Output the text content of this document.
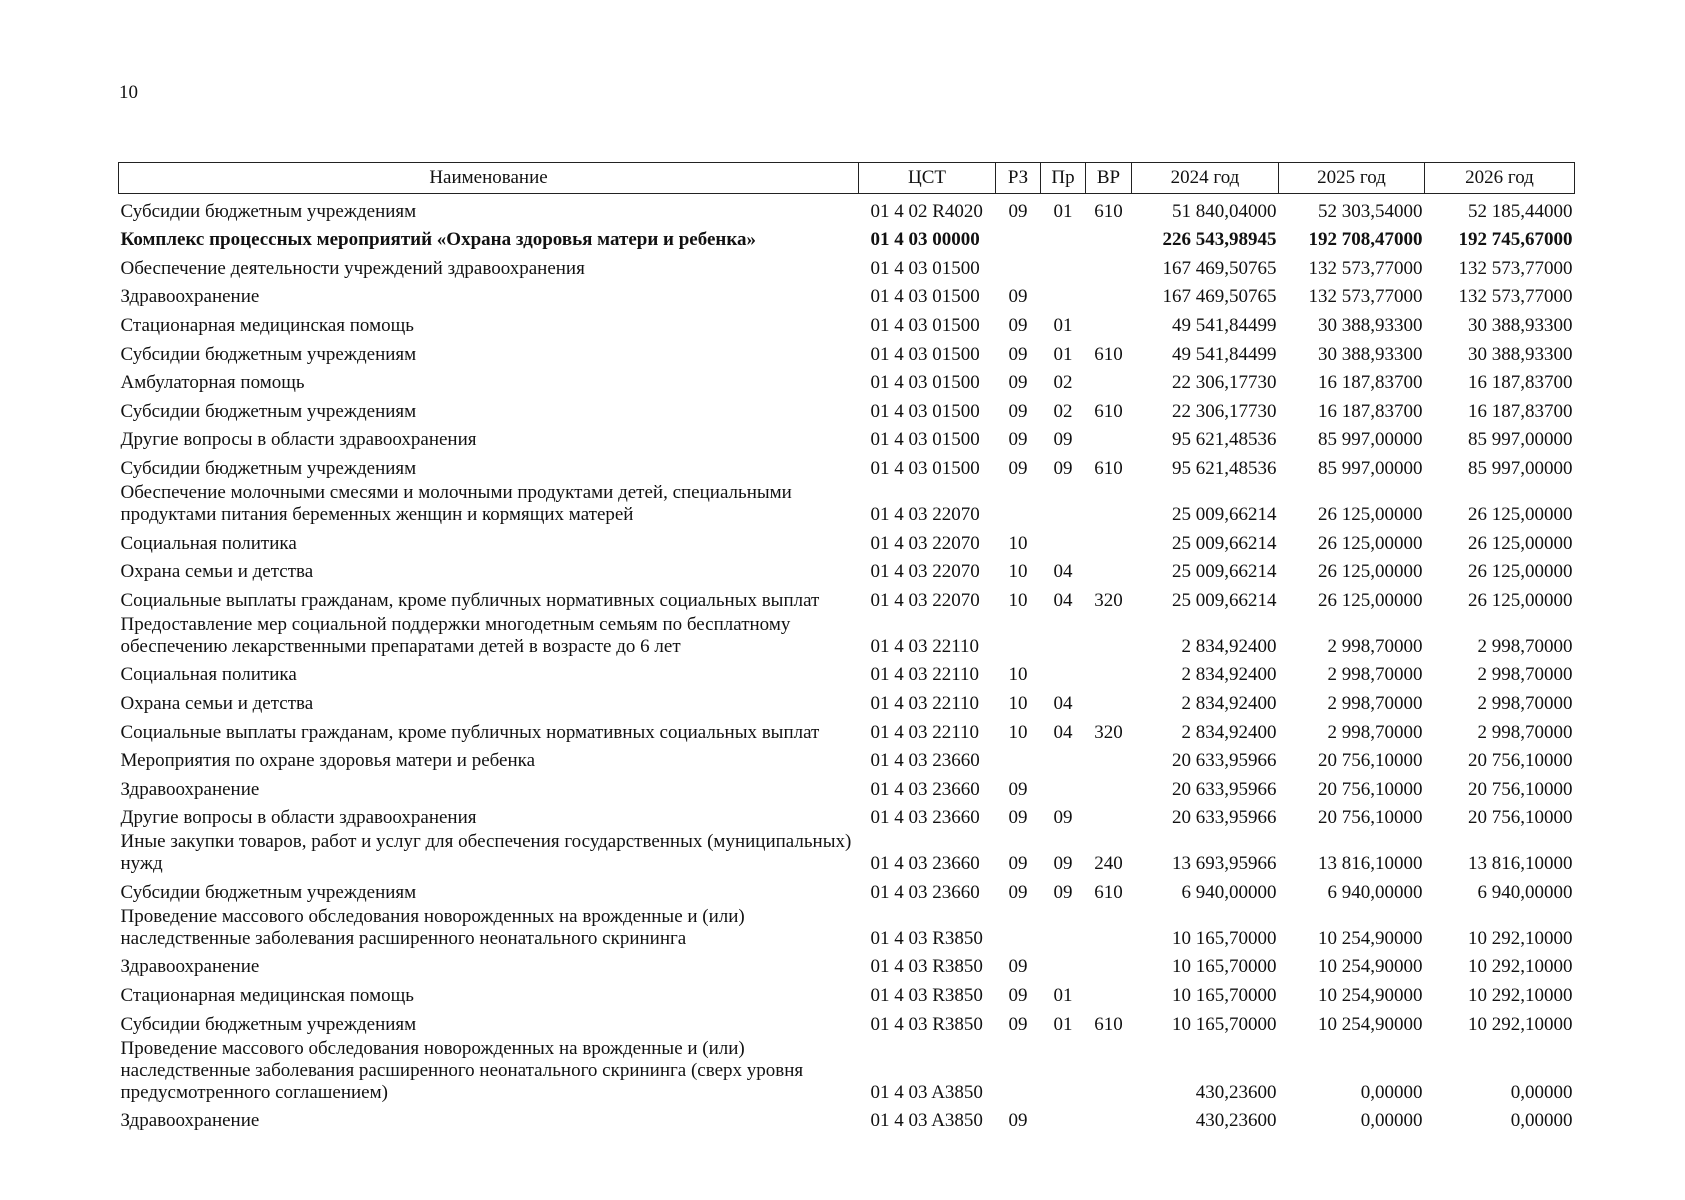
10
Наименование	ЦСТ	РЗ	Пр	ВР	2024 год	2025 год	2026 год
Субсидии бюджетным учреждениям	01 4 02 R4020	09	01	610	51 840,04000	52 303,54000	52 185,44000
Комплекс процессных мероприятий «Охрана здоровья матери и ребенка»	01 4 03 00000				226 543,98945	192 708,47000	192 745,67000
Обеспечение деятельности учреждений здравоохранения	01 4 03 01500				167 469,50765	132 573,77000	132 573,77000
Здравоохранение	01 4 03 01500	09			167 469,50765	132 573,77000	132 573,77000
Стационарная медицинская помощь	01 4 03 01500	09	01		49 541,84499	30 388,93300	30 388,93300
Субсидии бюджетным учреждениям	01 4 03 01500	09	01	610	49 541,84499	30 388,93300	30 388,93300
Амбулаторная помощь	01 4 03 01500	09	02		22 306,17730	16 187,83700	16 187,83700
Субсидии бюджетным учреждениям	01 4 03 01500	09	02	610	22 306,17730	16 187,83700	16 187,83700
Другие вопросы в области здравоохранения	01 4 03 01500	09	09		95 621,48536	85 997,00000	85 997,00000
Субсидии бюджетным учреждениям	01 4 03 01500	09	09	610	95 621,48536	85 997,00000	85 997,00000
Обеспечение молочными смесями и молочными продуктами детей, специальными продуктами питания беременных женщин и кормящих матерей	01 4 03 22070				25 009,66214	26 125,00000	26 125,00000
Социальная политика	01 4 03 22070	10			25 009,66214	26 125,00000	26 125,00000
Охрана семьи и детства	01 4 03 22070	10	04		25 009,66214	26 125,00000	26 125,00000
Социальные выплаты гражданам, кроме публичных нормативных социальных выплат	01 4 03 22070	10	04	320	25 009,66214	26 125,00000	26 125,00000
Предоставление мер социальной поддержки многодетным семьям по бесплатному обеспечению лекарственными препаратами детей в возрасте до 6 лет	01 4 03 22110				2 834,92400	2 998,70000	2 998,70000
Социальная политика	01 4 03 22110	10			2 834,92400	2 998,70000	2 998,70000
Охрана семьи и детства	01 4 03 22110	10	04		2 834,92400	2 998,70000	2 998,70000
Социальные выплаты гражданам, кроме публичных нормативных социальных выплат	01 4 03 22110	10	04	320	2 834,92400	2 998,70000	2 998,70000
Мероприятия по охране здоровья матери и ребенка	01 4 03 23660				20 633,95966	20 756,10000	20 756,10000
Здравоохранение	01 4 03 23660	09			20 633,95966	20 756,10000	20 756,10000
Другие вопросы в области здравоохранения	01 4 03 23660	09	09		20 633,95966	20 756,10000	20 756,10000
Иные закупки товаров, работ и услуг для обеспечения государственных (муниципальных) нужд	01 4 03 23660	09	09	240	13 693,95966	13 816,10000	13 816,10000
Субсидии бюджетным учреждениям	01 4 03 23660	09	09	610	6 940,00000	6 940,00000	6 940,00000
Проведение массового обследования новорожденных на врожденные и (или) наследственные заболевания расширенного неонатального скрининга	01 4 03 R3850				10 165,70000	10 254,90000	10 292,10000
Здравоохранение	01 4 03 R3850	09			10 165,70000	10 254,90000	10 292,10000
Стационарная медицинская помощь	01 4 03 R3850	09	01		10 165,70000	10 254,90000	10 292,10000
Субсидии бюджетным учреждениям	01 4 03 R3850	09	01	610	10 165,70000	10 254,90000	10 292,10000
Проведение массового обследования новорожденных на врожденные и (или) наследственные заболевания расширенного неонатального скрининга (сверх уровня предусмотренного соглашением)	01 4 03 A3850				430,23600	0,00000	0,00000
Здравоохранение	01 4 03 A3850	09			430,23600	0,00000	0,00000
